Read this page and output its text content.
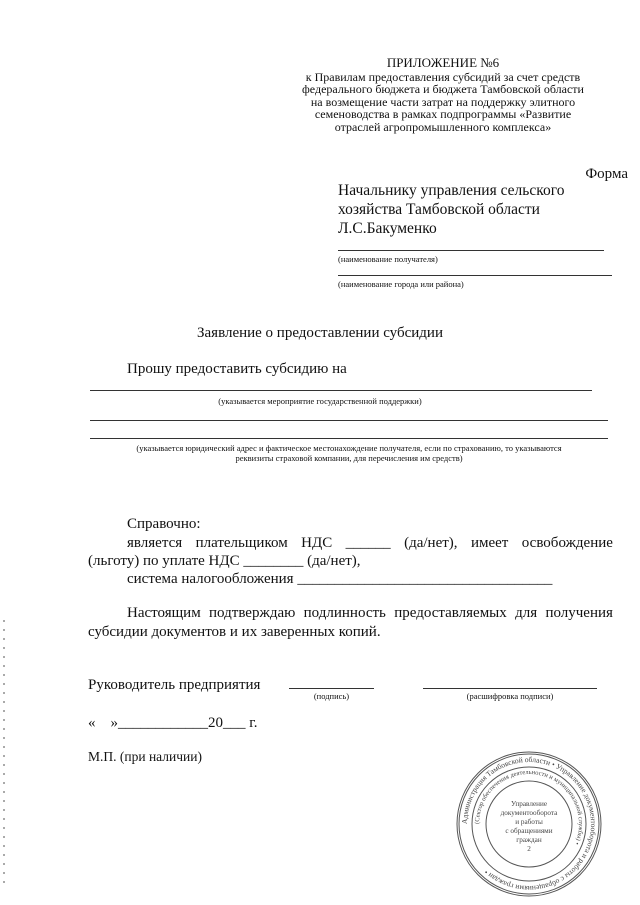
ПРИЛОЖЕНИЕ №6
к Правилам предоставления субсидий за счет средств
федерального бюджета и бюджета Тамбовской области
на возмещение части затрат на поддержку элитного
семеноводства в рамках подпрограммы «Развитие
отраслей агропромышленного комплекса»
Форма
Начальнику управления сельского
хозяйства Тамбовской области
Л.С.Бакуменко
(наименование получателя)
(наименование города или района)
Заявление о предоставлении субсидии
Прошу предоставить субсидию на
(указывается мероприятие государственной поддержки)
(указывается юридический адрес и фактическое местонахождение получателя, если по страхованию, то указываются
реквизиты страховой компании, для перечисления им средств)
Справочно:
является плательщиком НДС ______ (да/нет), имеет освобождение
(льготу) по уплате НДС ________ (да/нет),
система налогообложения __________________________________
Настоящим подтверждаю подлинность предоставляемых для получения
субсидии документов и их заверенных копий.
Руководитель предприятия
(подпись)	(расшифровка подписи)
«    »____________20___ г.
М.П. (при наличии)
Администрация Тамбовской области • Управление документооборота и работы с обращениями граждан •
(Сектор обеспечения деятельности и муниципальной службы) •
Управление
документооборота
и работы
с обращениями
граждан
2
